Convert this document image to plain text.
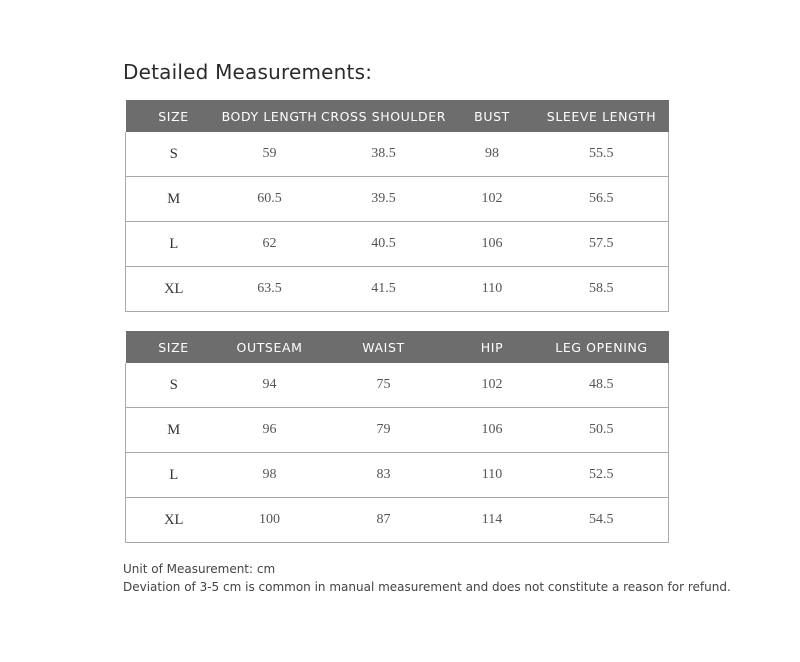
Detailed Measurements:
SIZE	BODY LENGTH	CROSS SHOULDER	BUST	SLEEVE LENGTH
S	59	38.5	98	55.5
M	60.5	39.5	102	56.5
L	62	40.5	106	57.5
XL	63.5	41.5	110	58.5
SIZE	OUTSEAM	WAIST	HIP	LEG OPENING
S	94	75	102	48.5
M	96	79	106	50.5
L	98	83	110	52.5
XL	100	87	114	54.5
Unit of Measurement: cm
Deviation of 3-5 cm is common in manual measurement and does not constitute a reason for refund.
